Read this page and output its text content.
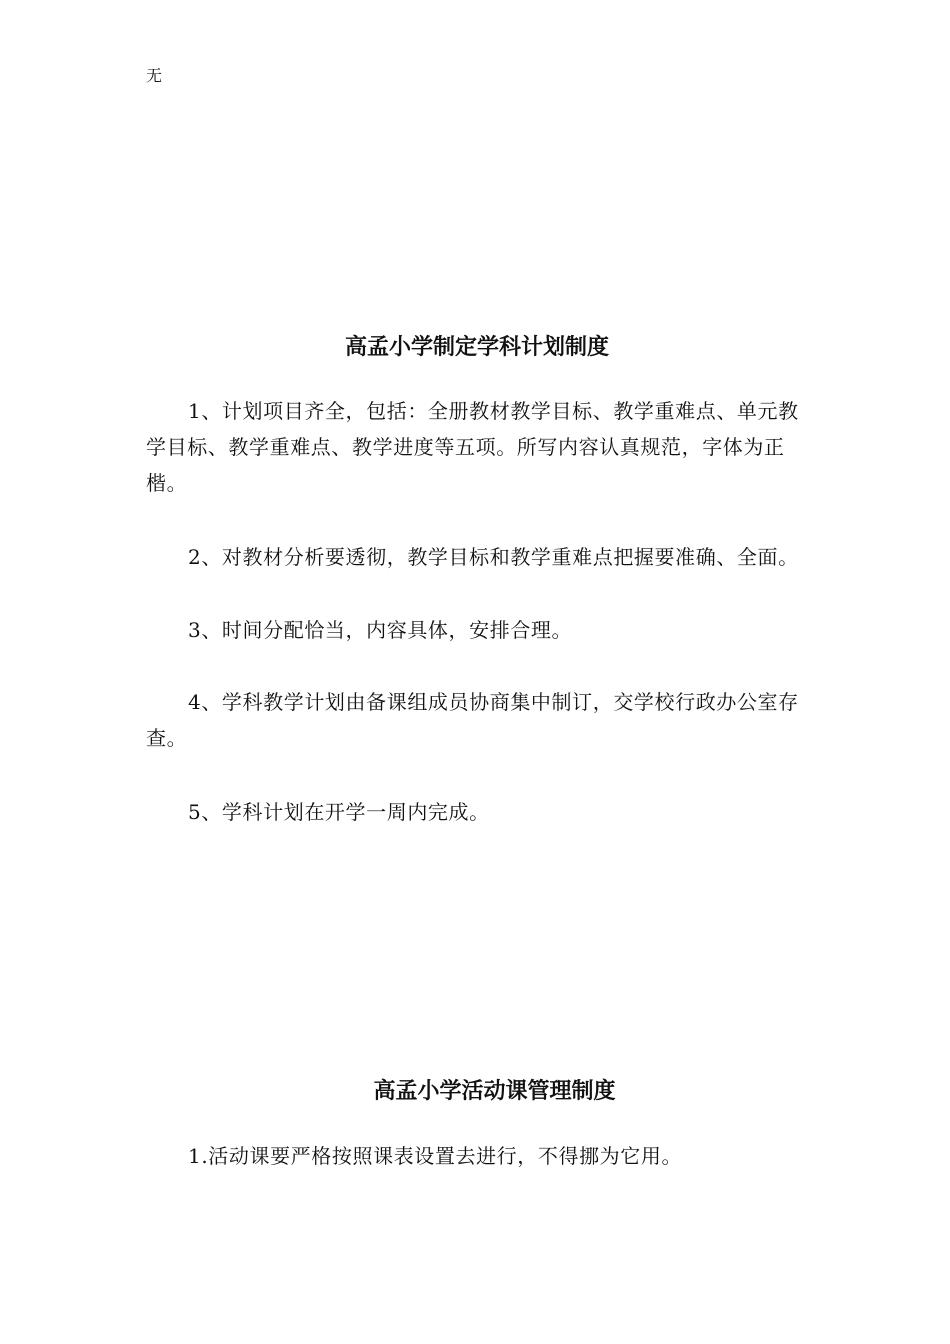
无

高孟小学制定学科计划制度

1、计划项目齐全，包括：全册教材教学目标、教学重难点、单元教学目标、教学重难点、教学进度等五项。所写内容认真规范，字体为正楷。

2、对教材分析要透彻，教学目标和教学重难点把握要准确、全面。

3、时间分配恰当，内容具体，安排合理。

4、学科教学计划由备课组成员协商集中制订，交学校行政办公室存查。

5、学科计划在开学一周内完成。

高孟小学活动课管理制度

1.活动课要严格按照课表设置去进行，不得挪为它用。
